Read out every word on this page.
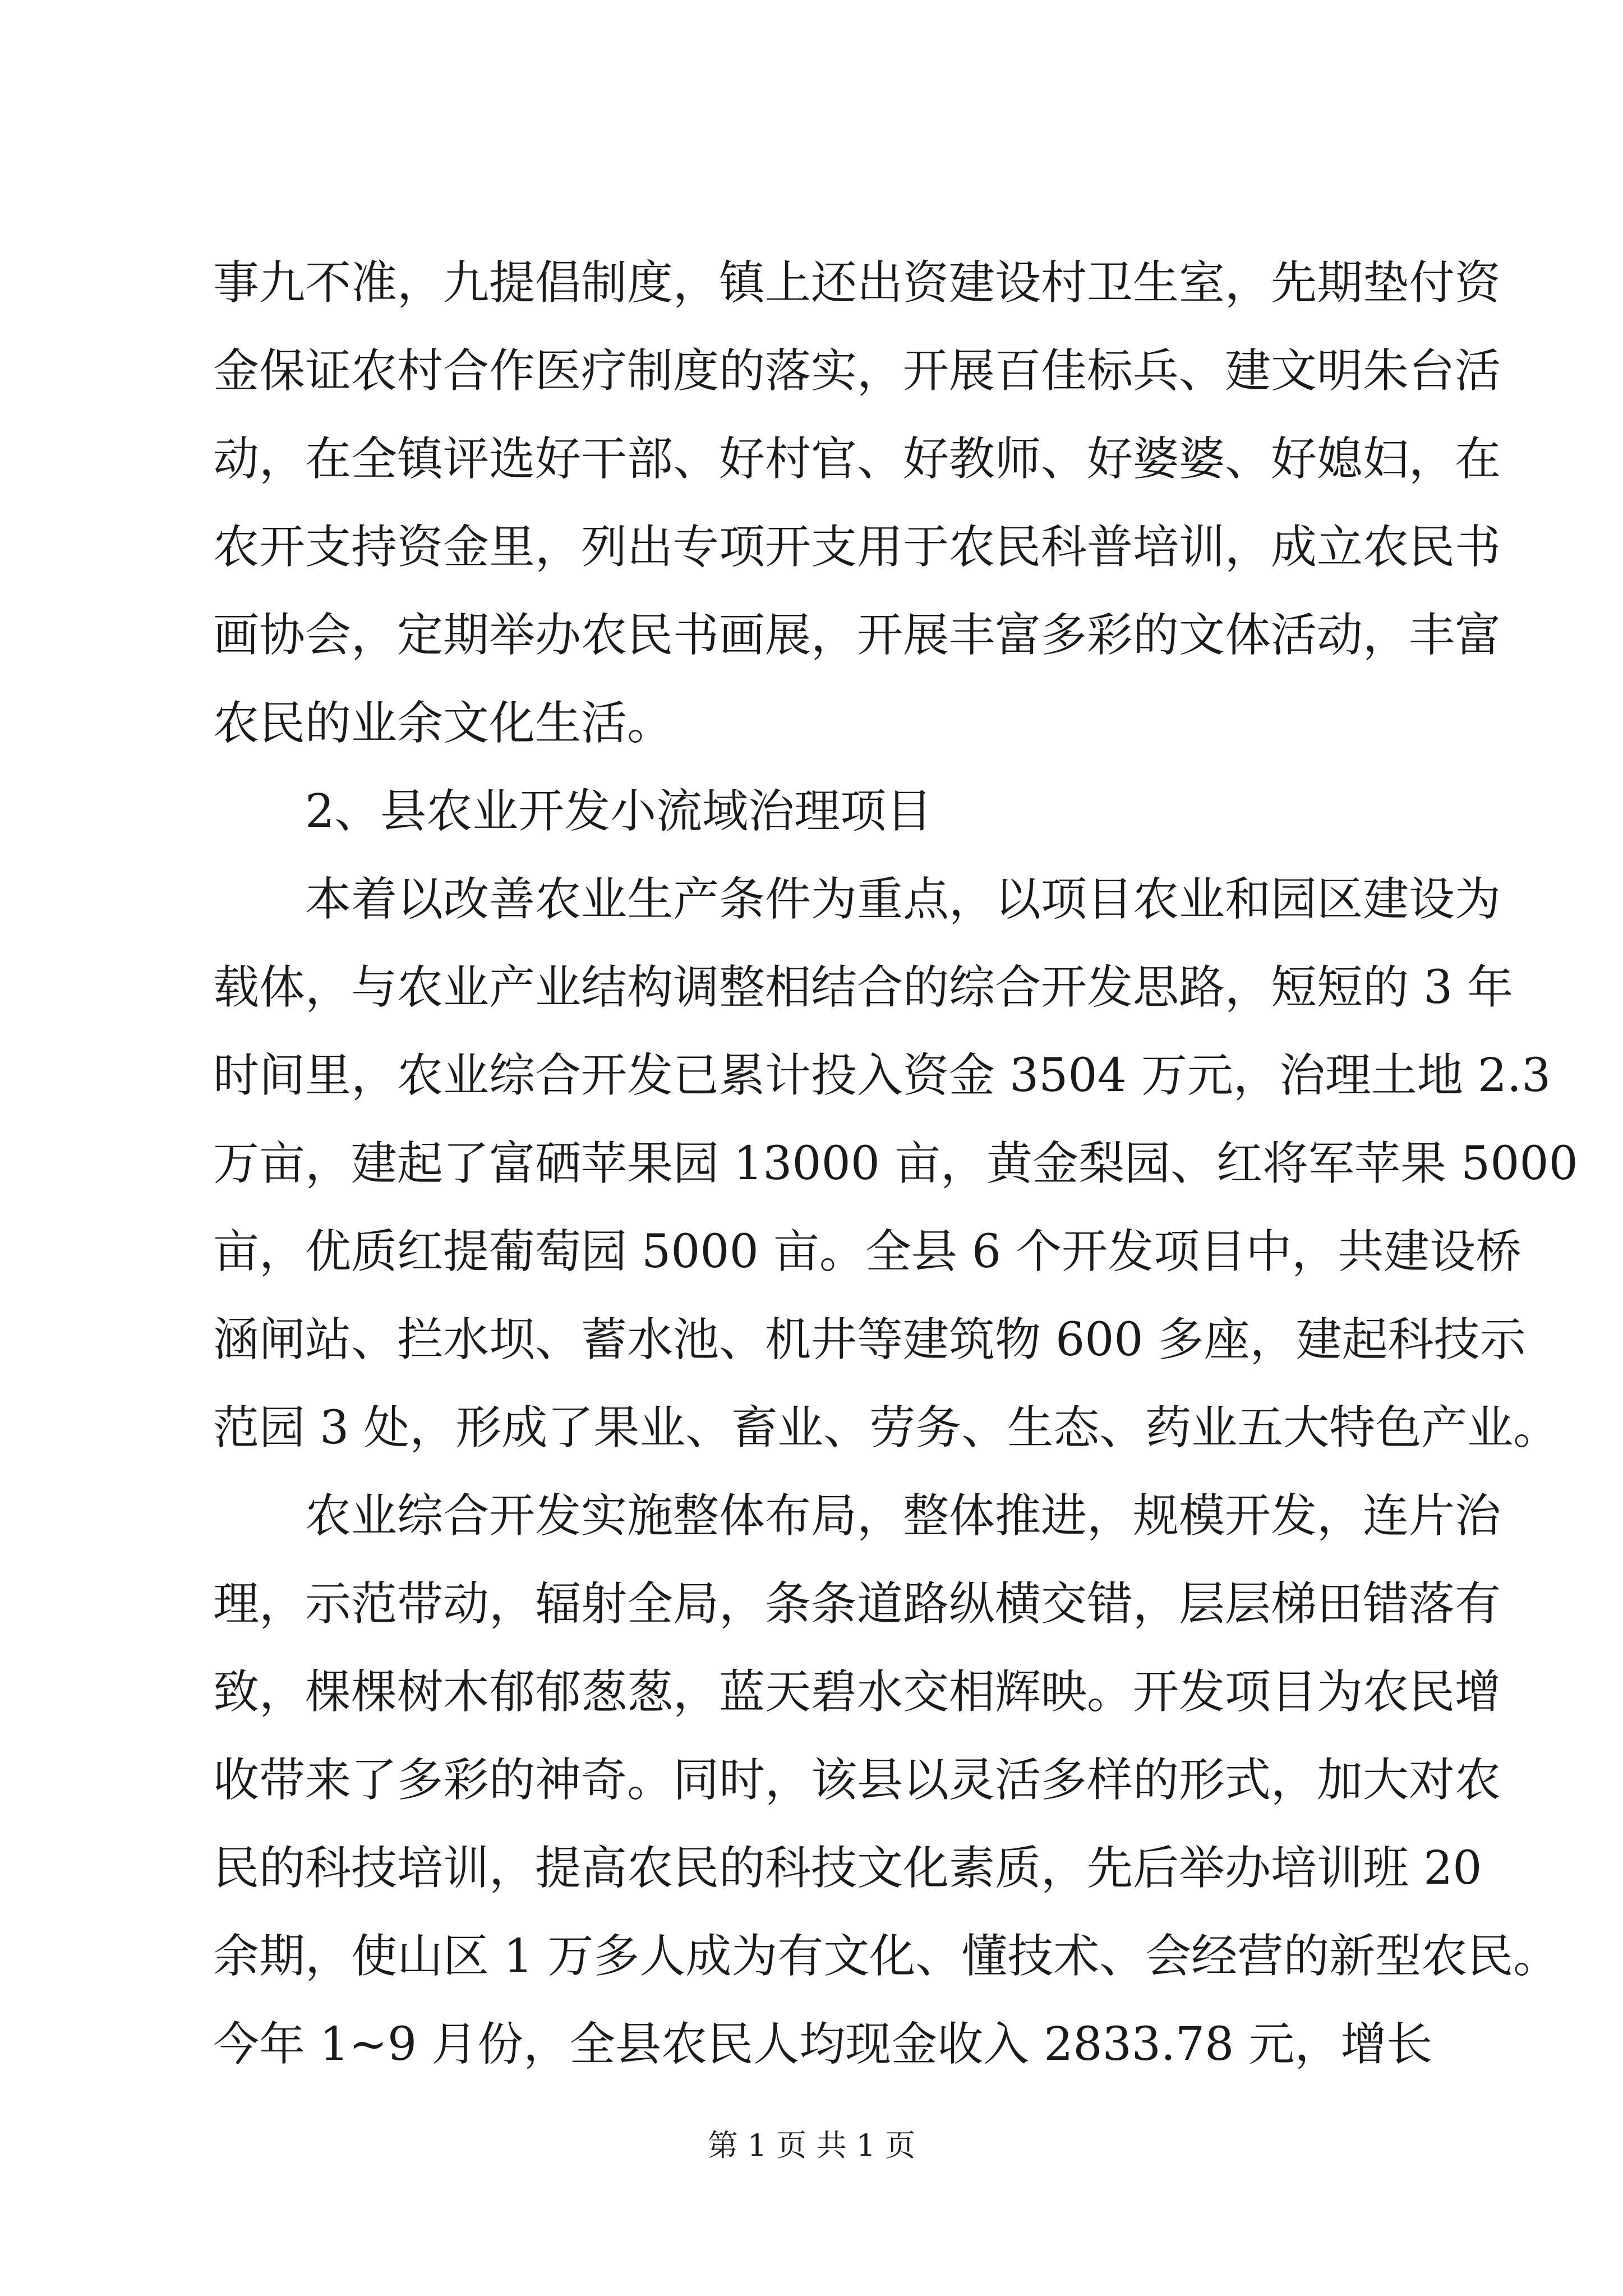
事九不准，九提倡制度，镇上还出资建设村卫生室，先期垫付资
金保证农村合作医疗制度的落实，开展百佳标兵、建文明朱台活
动，在全镇评选好干部、好村官、好教师、好婆婆、好媳妇，在
农开支持资金里，列出专项开支用于农民科普培训，成立农民书
画协会，定期举办农民书画展，开展丰富多彩的文体活动，丰富
农民的业余文化生活。
2、县农业开发小流域治理项目
本着以改善农业生产条件为重点，以项目农业和园区建设为
载体，与农业产业结构调整相结合的综合开发思路，短短的 3 年
时间里，农业综合开发已累计投入资金 3504 万元，治理土地 2.3
万亩，建起了富硒苹果园 13000 亩，黄金梨园、红将军苹果 5000
亩，优质红提葡萄园 5000 亩。全县 6 个开发项目中，共建设桥
涵闸站、拦水坝、蓄水池、机井等建筑物 600 多座，建起科技示
范园 3 处，形成了果业、畜业、劳务、生态、药业五大特色产业。
农业综合开发实施整体布局，整体推进，规模开发，连片治
理，示范带动，辐射全局，条条道路纵横交错，层层梯田错落有
致，棵棵树木郁郁葱葱，蓝天碧水交相辉映。开发项目为农民增
收带来了多彩的神奇。同时，该县以灵活多样的形式，加大对农
民的科技培训，提高农民的科技文化素质，先后举办培训班 20
余期，使山区 1 万多人成为有文化、懂技术、会经营的新型农民。
今年 1~9 月份，全县农民人均现金收入 2833.78 元，增长
第 1 页 共 1 页
